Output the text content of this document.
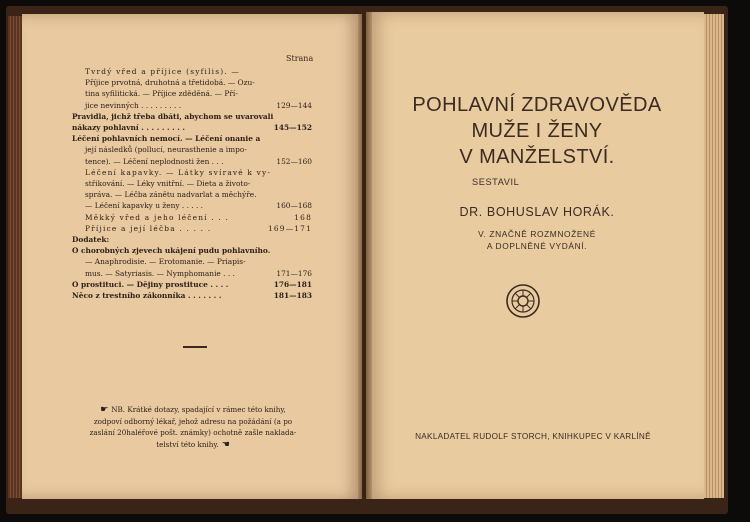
Strana
Tvrdý vřed a příjice (syfilis). —
Příjice prvotná, druhotná a třetidobá. — Ozu-
tina syfilitická. — Příjice zděděná. — Pří-
jice nevinných . . . . . . . . .	129—144
Pravidla, jichž třeba dbáti, abychom se uvarovali
nákazy pohlavní . . . . . . . . .	145—152
Léčení pohlavních nemocí. — Léčení onanie a
její následků (pollucí, neurasthenie a impo-
tence). — Léčení neplodnosti žen . . .	152—160
Léčení kapavky. — Látky svíravé k vy-
střikování. — Léky vnitřní. — Dieta a životo-
správa. — Léčba zánětu nadvarlat a měchýře.
— Léčení kapavky u ženy . . . . .	160—168
Měkký vřed a jeho léčení . . .	168
Příjice a její léčba . . . . .	169—171
Dodatek:
O chorobných zjevech ukájení pudu pohlavního.
— Anaphrodisie. — Erotomanie. — Priapis-
mus. — Satyriasis. — Nymphomanie . . .	171—176
O prostituci. — Dějiny prostituce . . . .	176—181
Něco z trestního zákonníka . . . . . . .	181—183
☛ NB. Krátké dotazy, spadající v rámec této knihy,
zodpoví odborný lékař, jehož adresu na požádání (a po
zaslání 20haléřové pošt. známky) ochotně zašle naklada-
telství této knihy. ☚
POHLAVNÍ ZDRAVOVĚDA
MUŽE I ŽENY
V MANŽELSTVÍ.
SESTAVIL
DR. BOHUSLAV HORÁK.
V. ZNAČNĚ ROZMNOŽENÉ
A DOPLNĚNÉ VYDÁNÍ.
NAKLADATEL RUDOLF STORCH, KNIHKUPEC V KARLÍNĚ
